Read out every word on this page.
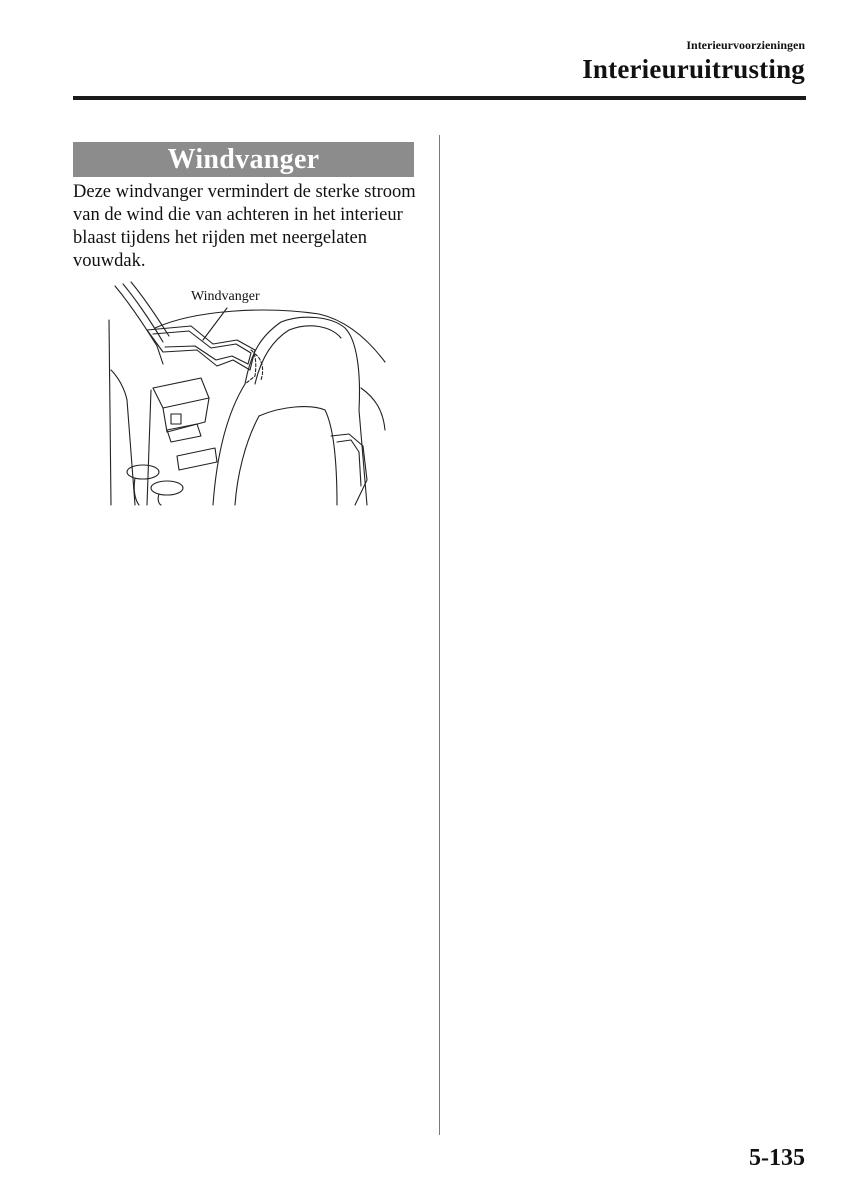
Interieurvoorzieningen
Interieuruitrusting
Windvanger

Deze windvanger vermindert de sterke stroom van de wind die van achteren in het interieur blaast tijdens het rijden met neergelaten vouwdak.

Windvanger
5-135
